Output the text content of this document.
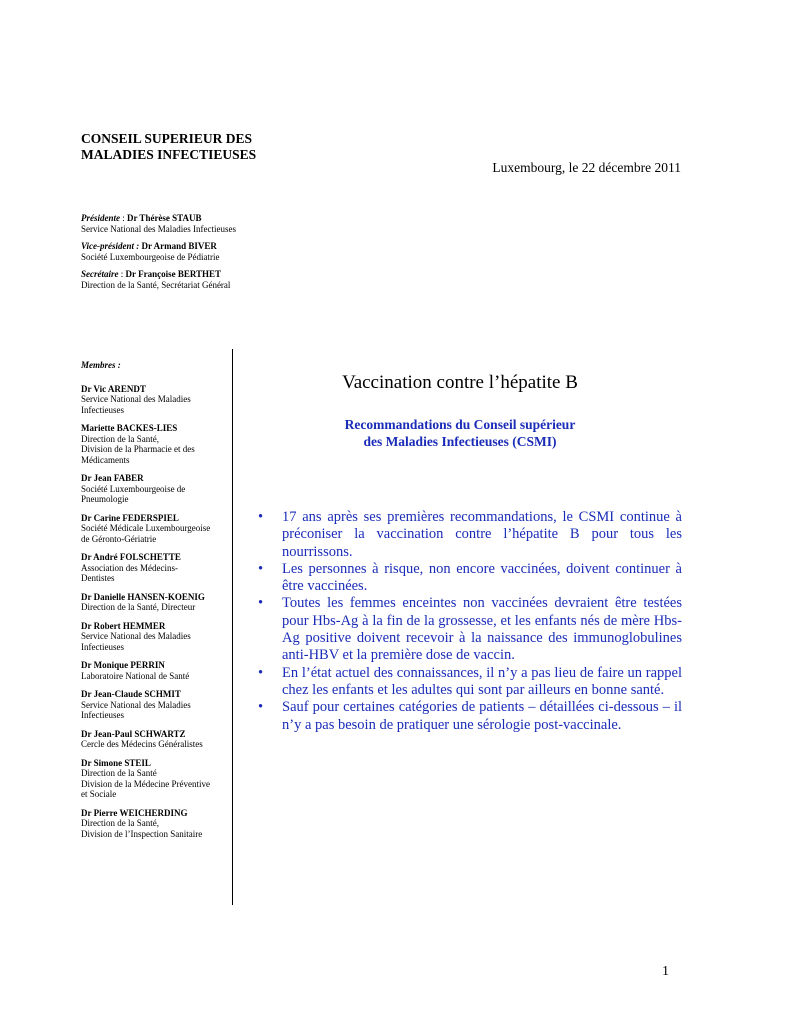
CONSEIL SUPERIEUR DES
MALADIES INFECTIEUSES
Luxembourg, le 22 décembre 2011
Présidente : Dr Thérèse STAUB
Service National des Maladies Infectieuses
Vice-président : Dr Armand BIVER
Société Luxembourgeoise de Pédiatrie
Secrétaire : Dr Françoise BERTHET
Direction de la Santé, Secrétariat Général
Membres :
Dr Vic ARENDT
Service National des Maladies
Infectieuses
Mariette BACKES-LIES
Direction de la Santé,
Division de la Pharmacie et des
Médicaments
Dr Jean FABER
Société Luxembourgeoise de
Pneumologie
Dr Carine FEDERSPIEL
Société Médicale Luxembourgeoise
de Géronto-Gériatrie
Dr André FOLSCHETTE
Association des Médecins-
Dentistes
Dr Danielle HANSEN-KOENIG
Direction de la Santé, Directeur
Dr Robert HEMMER
Service National des Maladies
Infectieuses
Dr Monique PERRIN
Laboratoire National de Santé
Dr Jean-Claude SCHMIT
Service National des Maladies
Infectieuses
Dr Jean-Paul SCHWARTZ
Cercle des Médecins Généralistes
Dr Simone STEIL
Direction de la Santé
Division de la Médecine Préventive
et Sociale
Dr Pierre WEICHERDING
Direction de la Santé,
Division de l’Inspection Sanitaire
Vaccination contre l’hépatite B
Recommandations du Conseil supérieur
des Maladies Infectieuses (CSMI)
• 17 ans après ses premières recommandations, le CSMI continue à préconiser la vaccination contre l’hépatite B pour tous les nourrissons.
• Les personnes à risque, non encore vaccinées, doivent continuer à être vaccinées.
• Toutes les femmes enceintes non vaccinées devraient être testées pour Hbs-Ag à la fin de la grossesse, et les enfants nés de mère Hbs-Ag positive doivent recevoir à la naissance des immunoglobulines anti-HBV et la première dose de vaccin.
• En l’état actuel des connaissances, il n’y a pas lieu de faire un rappel chez les enfants et les adultes qui sont par ailleurs en bonne santé.
• Sauf pour certaines catégories de patients – détaillées ci-dessous – il n’y a pas besoin de pratiquer une sérologie post-vaccinale.
1
